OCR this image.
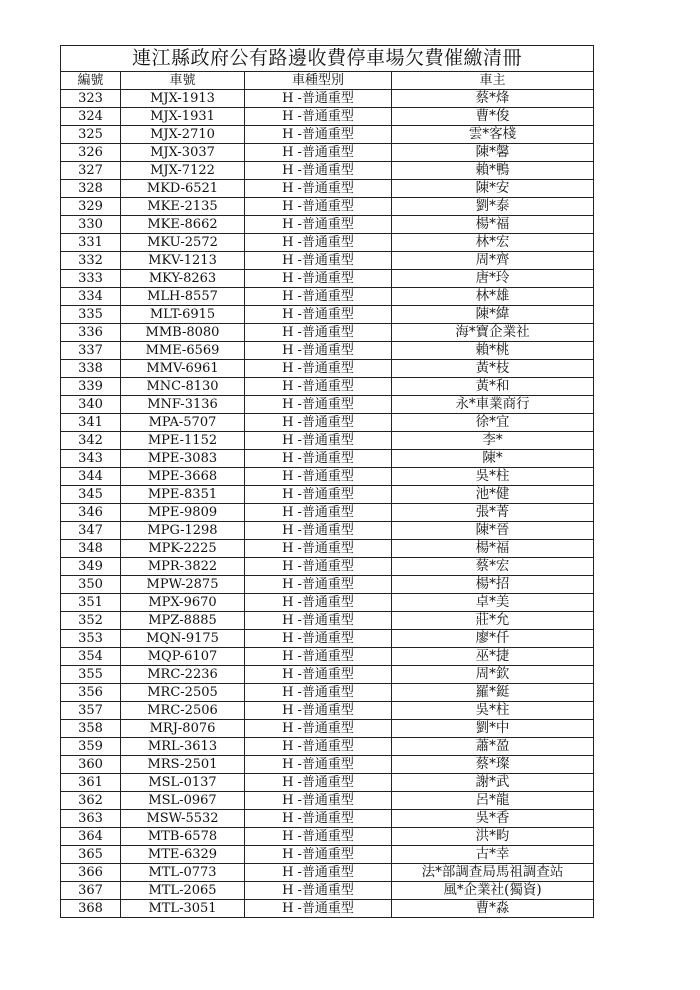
連江縣政府公有路邊收費停車場欠費催繳清冊			
編號	車號	車種型別	車主
323	MJX-1913	H -普通重型	蔡*烽
324	MJX-1931	H -普通重型	曹*俊
325	MJX-2710	H -普通重型	雲*客棧
326	MJX-3037	H -普通重型	陳*馨
327	MJX-7122	H -普通重型	賴*鴨
328	MKD-6521	H -普通重型	陳*安
329	MKE-2135	H -普通重型	劉*泰
330	MKE-8662	H -普通重型	楊*福
331	MKU-2572	H -普通重型	林*宏
332	MKV-1213	H -普通重型	周*齊
333	MKY-8263	H -普通重型	唐*玲
334	MLH-8557	H -普通重型	林*雄
335	MLT-6915	H -普通重型	陳*緯
336	MMB-8080	H -普通重型	海*寶企業社
337	MME-6569	H -普通重型	賴*桃
338	MMV-6961	H -普通重型	黃*枝
339	MNC-8130	H -普通重型	黃*和
340	MNF-3136	H -普通重型	永*車業商行
341	MPA-5707	H -普通重型	徐*宜
342	MPE-1152	H -普通重型	李*
343	MPE-3083	H -普通重型	陳*
344	MPE-3668	H -普通重型	吳*柱
345	MPE-8351	H -普通重型	池*健
346	MPE-9809	H -普通重型	張*菁
347	MPG-1298	H -普通重型	陳*晉
348	MPK-2225	H -普通重型	楊*福
349	MPR-3822	H -普通重型	蔡*宏
350	MPW-2875	H -普通重型	楊*招
351	MPX-9670	H -普通重型	卓*美
352	MPZ-8885	H -普通重型	莊*允
353	MQN-9175	H -普通重型	廖*仟
354	MQP-6107	H -普通重型	巫*捷
355	MRC-2236	H -普通重型	周*欽
356	MRC-2505	H -普通重型	羅*鋌
357	MRC-2506	H -普通重型	吳*柱
358	MRJ-8076	H -普通重型	劉*中
359	MRL-3613	H -普通重型	蕭*盈
360	MRS-2501	H -普通重型	蔡*璨
361	MSL-0137	H -普通重型	謝*武
362	MSL-0967	H -普通重型	呂*龍
363	MSW-5532	H -普通重型	吳*香
364	MTB-6578	H -普通重型	洪*畇
365	MTE-6329	H -普通重型	古*幸
366	MTL-0773	H -普通重型	法*部調查局馬祖調查站
367	MTL-2065	H -普通重型	風*企業社(獨資)
368	MTL-3051	H -普通重型	曹*淼
